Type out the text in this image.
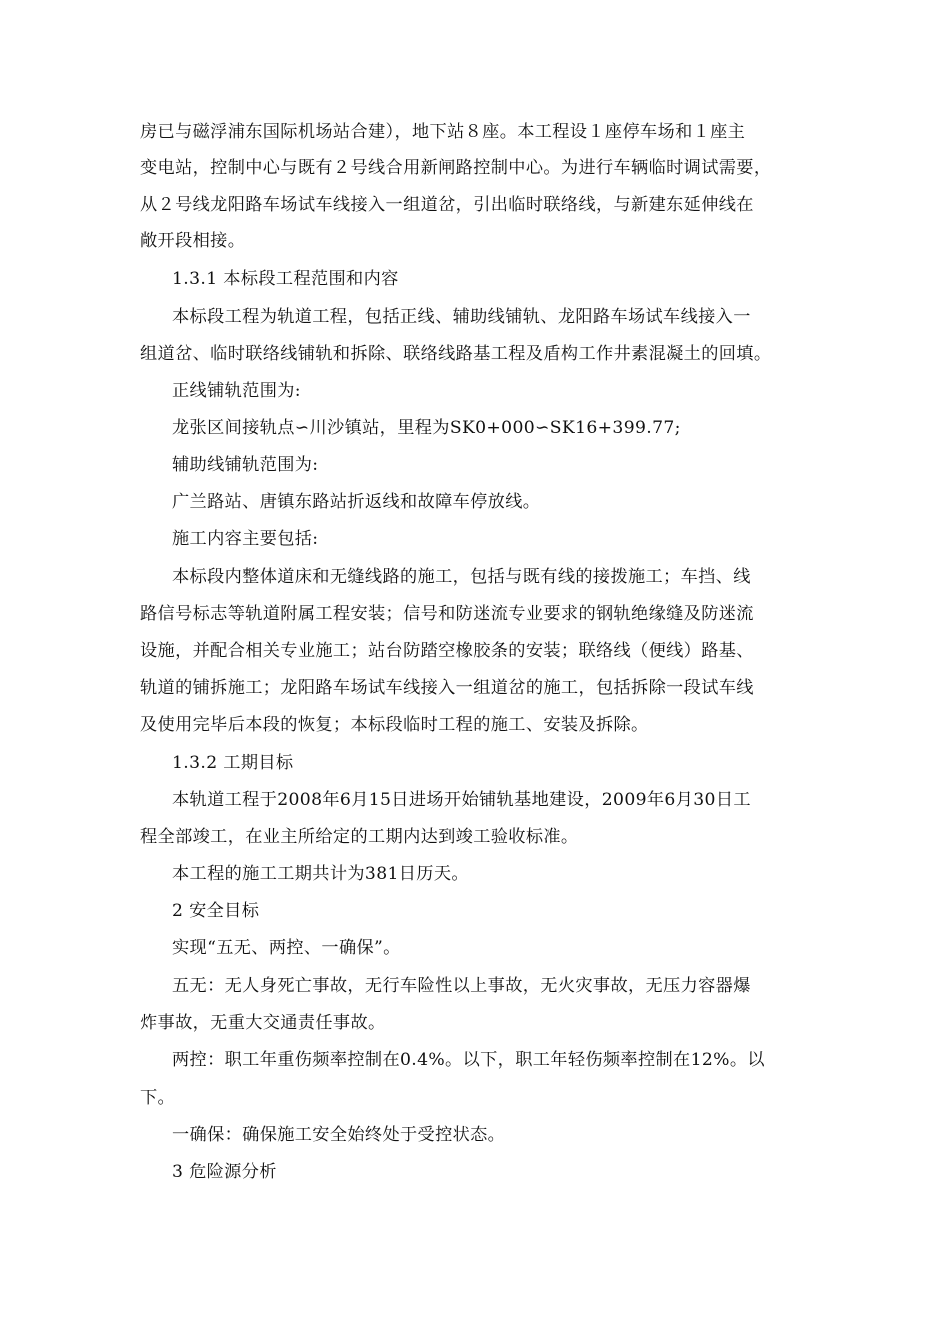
房已与磁浮浦东国际机场站合建），地下站８座。本工程设１座停车场和１座主
变电站，控制中心与既有２号线合用新闸路控制中心。为进行车辆临时调试需要，
从２号线龙阳路车场试车线接入一组道岔，引出临时联络线，与新建东延伸线在
敞开段相接。
1.3.1 本标段工程范围和内容
本标段工程为轨道工程，包括正线、辅助线铺轨、龙阳路车场试车线接入一
组道岔、临时联络线铺轨和拆除、联络线路基工程及盾构工作井素混凝土的回填。
正线铺轨范围为:
龙张区间接轨点∽川沙镇站，里程为SK0+000∽SK16+399.77;
辅助线铺轨范围为:
广兰路站、唐镇东路站折返线和故障车停放线。
施工内容主要包括:
本标段内整体道床和无缝线路的施工，包括与既有线的接拨施工；车挡、线
路信号标志等轨道附属工程安装；信号和防迷流专业要求的钢轨绝缘缝及防迷流
设施，并配合相关专业施工；站台防踏空橡胶条的安装；联络线（便线）路基、
轨道的铺拆施工；龙阳路车场试车线接入一组道岔的施工，包括拆除一段试车线
及使用完毕后本段的恢复；本标段临时工程的施工、安装及拆除。
1.3.2 工期目标
本轨道工程于2008年6月15日进场开始铺轨基地建设，2009年6月30日工
程全部竣工，在业主所给定的工期内达到竣工验收标准。
本工程的施工工期共计为381日历天。
2 安全目标
实现“五无、两控、一确保”。
五无：无人身死亡事故，无行车险性以上事故，无火灾事故，无压力容器爆
炸事故，无重大交通责任事故。
两控：职工年重伤频率控制在0.4%。以下，职工年轻伤频率控制在12%。以
下。
一确保：确保施工安全始终处于受控状态。
3 危险源分析
